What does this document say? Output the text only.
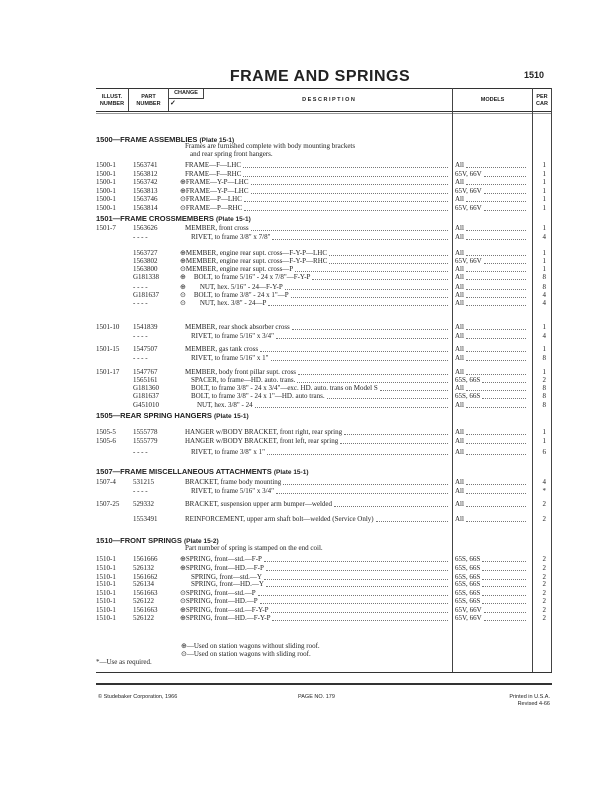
FRAME AND SPRINGS	1510
ILLUST.
NUMBER
PART
NUMBER
CHANGE
✓	D E S C R I P T I O N	MODELS	PER
CAR
1500—FRAME ASSEMBLIES (Plate 15-1)
Frames are furnished complete with body mounting brackets
and rear spring front hangers.
1500-1 1563741	FRAME—F—LHC	All	1
1500-1 1563812	FRAME—F—RHC	65V, 66V	1
1500-1 1563742	⊕ FRAME—Y-P—LHC	All	1
1500-1 1563813	⊕ FRAME—Y-P—LHC	65V, 66V	1
1500-1 1563746	⊙ FRAME—P—LHC	All	1
1500-1 1563814	⊙ FRAME—P—RHC	65V, 66V	1
1501—FRAME CROSSMEMBERS (Plate 15-1)
1501-7 1563626	MEMBER, front cross	All	1
- - - -	RIVET, to frame 3/8" x 7/8"	All	4
1563727	⊕ MEMBER, engine rear supt. cross—F-Y-P—LHC	All	1
1563802	⊕ MEMBER, engine rear supt. cross—F-Y-P—RHC	65V, 66V	1
1563800	⊙ MEMBER, engine rear supt. cross—P	All	1
G181338	⊕	BOLT, to frame 5/16" - 24 x 7/8"—F-Y-P	All	8
- - - -	⊕	NUT, hex. 5/16" - 24—F-Y-P	All	8
G181637	⊙	BOLT, to frame 3/8" - 24 x 1"—P	All	4
- - - -	⊙	NUT, hex. 3/8" - 24—P	All	4
1501-10 1541839	MEMBER, rear shock absorber cross	All	1
- - - -	RIVET, to frame 5/16" x 3/4"	All	4
1501-15 1547507	MEMBER, gas tank cross	All	1
- - - -	RIVET, to frame 5/16" x 1"	All	8
1501-17 1547767	MEMBER, body front pillar supt. cross	All	1
1565161	SPACER, to frame—HD. auto. trans.	65S, 66S	2
G181360	BOLT, to frame 3/8" - 24 x 3/4"—exc. HD. auto. trans on Model S	All	8
G181637	BOLT, to frame 3/8" - 24 x 1"—HD. auto trans.	65S, 66S	8
G451010	NUT, hex. 3/8" - 24	All	8
1505—REAR SPRING HANGERS (Plate 15-1)
1505-5 1555778	HANGER w/BODY BRACKET, front right, rear spring	All	1
1505-6 1555779	HANGER w/BODY BRACKET, front left, rear spring	All	1
- - - -	RIVET, to frame 3/8" x 1"	All	6
1507—FRAME MISCELLANEOUS ATTACHMENTS (Plate 15-1)
1507-4 531215	BRACKET, frame body mounting	All	4
- - - -	RIVET, to frame 5/16" x 3/4"	All	*
1507-25 529332	BRACKET, suspension upper arm bumper—welded	All	2
1553491	REINFORCEMENT, upper arm shaft bolt—welded (Service Only)	All	2
1510—FRONT SPRINGS (Plate 15-2)
Part number of spring is stamped on the end coil.
1510-1 1561666	⊕ SPRING, front—std.—F-P	65S, 66S	2
1510-1 526132	⊕ SPRING, front—HD.—F-P	65S, 66S	2
1510-1 1561662	SPRING, front—std.—Y	65S, 66S	2
1510-1 526134	SPRING, front—HD.—Y	65S, 66S	2
1510-1 1561663	⊙ SPRING, front—std.—P	65S, 66S	2
1510-1 526122	⊙ SPRING, front—HD.—P	65S, 66S	2
1510-1 1561663	⊕ SPRING, front—std.—F-Y-P	65V, 66V	2
1510-1 526122	⊕ SPRING, front—HD.—F-Y-P	65V, 66V	2
⊕—Used on station wagons without sliding roof.
⊙—Used on station wagons with sliding roof.
*—Use as required.
© Studebaker Corporation, 1966	PAGE NO. 179	Printed in U.S.A.
Revised 4-66
